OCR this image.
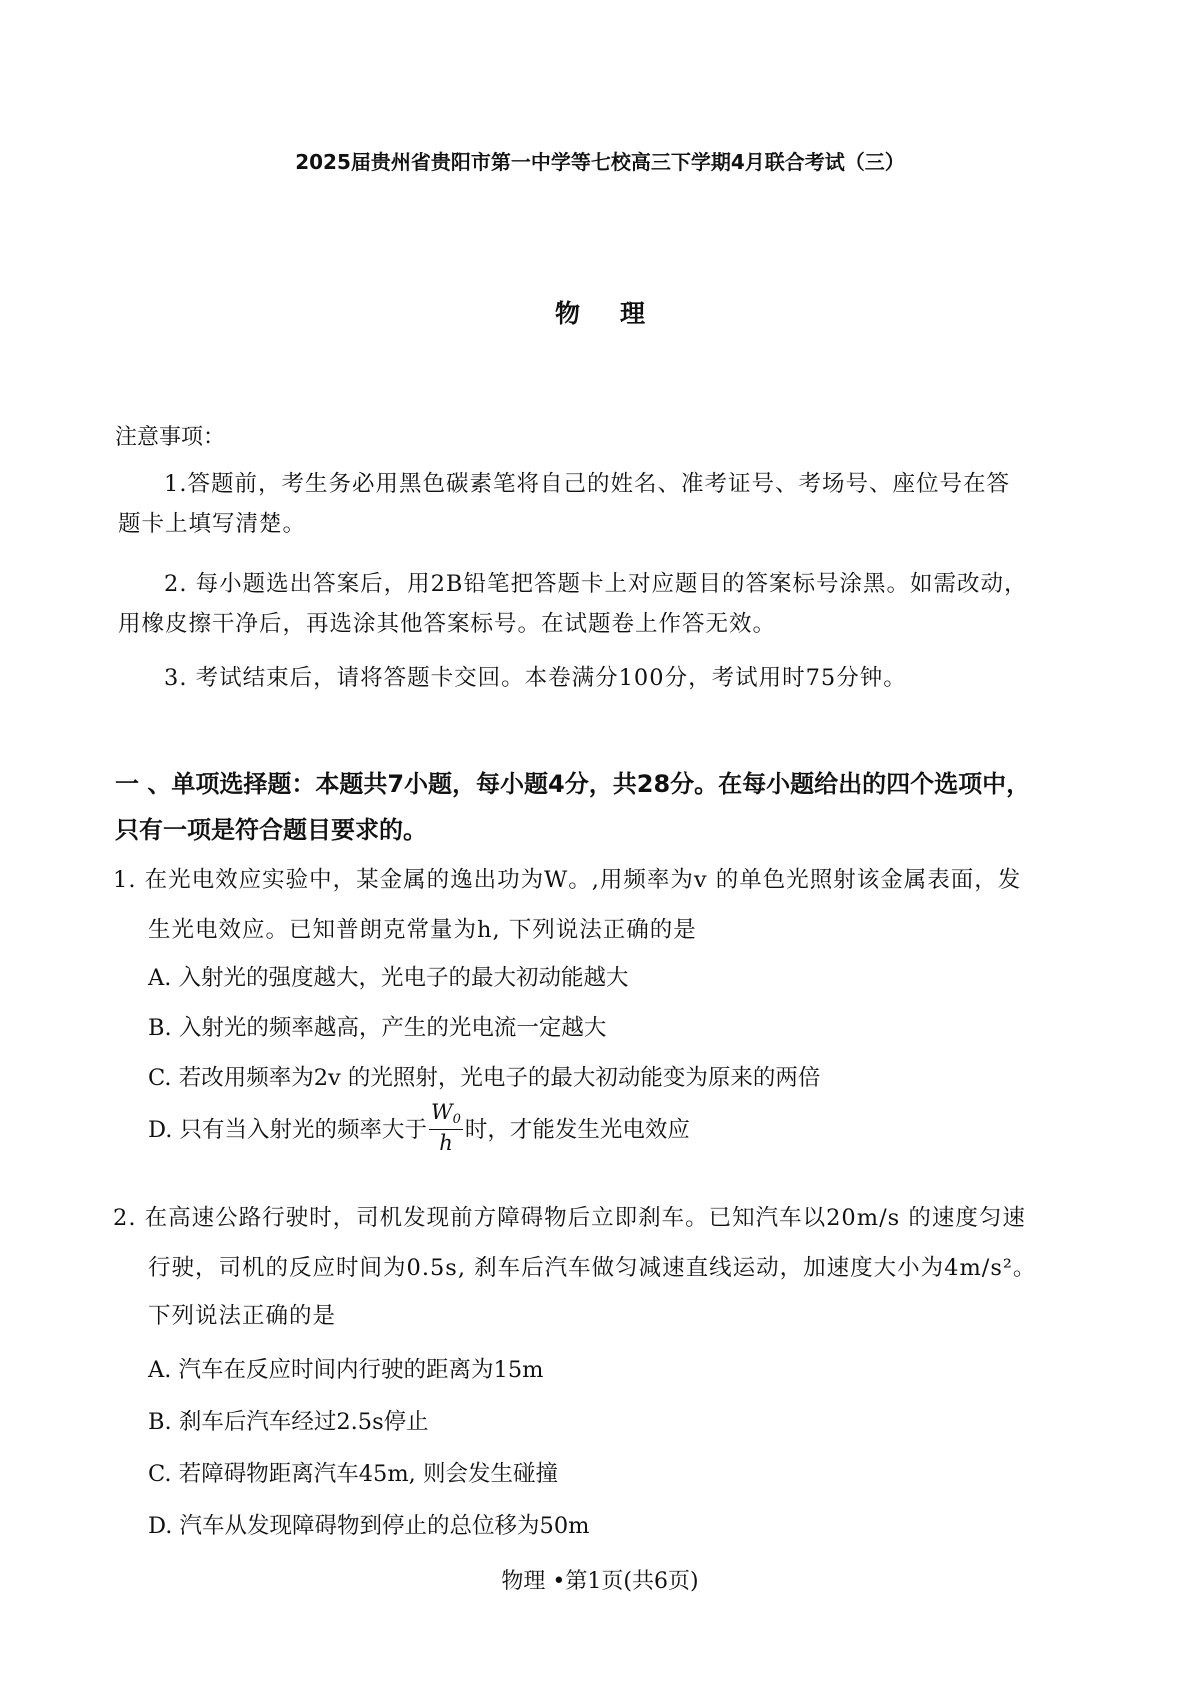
2025届贵州省贵阳市第一中学等七校高三下学期4月联合考试（三）
物理
注意事项：
1.答题前，考生务必用黑色碳素笔将自己的姓名、准考证号、考场号、座位号在答
题卡上填写清楚。
2. 每小题选出答案后，用2B铅笔把答题卡上对应题目的答案标号涂黑。如需改动，
用橡皮擦干净后，再选涂其他答案标号。在试题卷上作答无效。
3. 考试结束后，请将答题卡交回。本卷满分100分，考试用时75分钟。
一 、单项选择题：本题共7小题，每小题4分，共28分。在每小题给出的四个选项中，
只有一项是符合题目要求的。
1. 在光电效应实验中，某金属的逸出功为W。,用频率为v 的单色光照射该金属表面，发
生光电效应。已知普朗克常量为h, 下列说法正确的是
A. 入射光的强度越大，光电子的最大初动能越大
B. 入射光的频率越高，产生的光电流一定越大
C. 若改用频率为2v 的光照射，光电子的最大初动能变为原来的两倍
D. 只有当入射光的频率大于 $\frac{W_0}{h}$ 时，才能发生光电效应
2. 在高速公路行驶时，司机发现前方障碍物后立即刹车。已知汽车以20m/s 的速度匀速
行驶，司机的反应时间为0.5s, 刹车后汽车做匀减速直线运动，加速度大小为4m/s²。
下列说法正确的是
A. 汽车在反应时间内行驶的距离为15m
B. 刹车后汽车经过2.5s停止
C. 若障碍物距离汽车45m, 则会发生碰撞
D. 汽车从发现障碍物到停止的总位移为50m
物理 •第1页(共6页)
